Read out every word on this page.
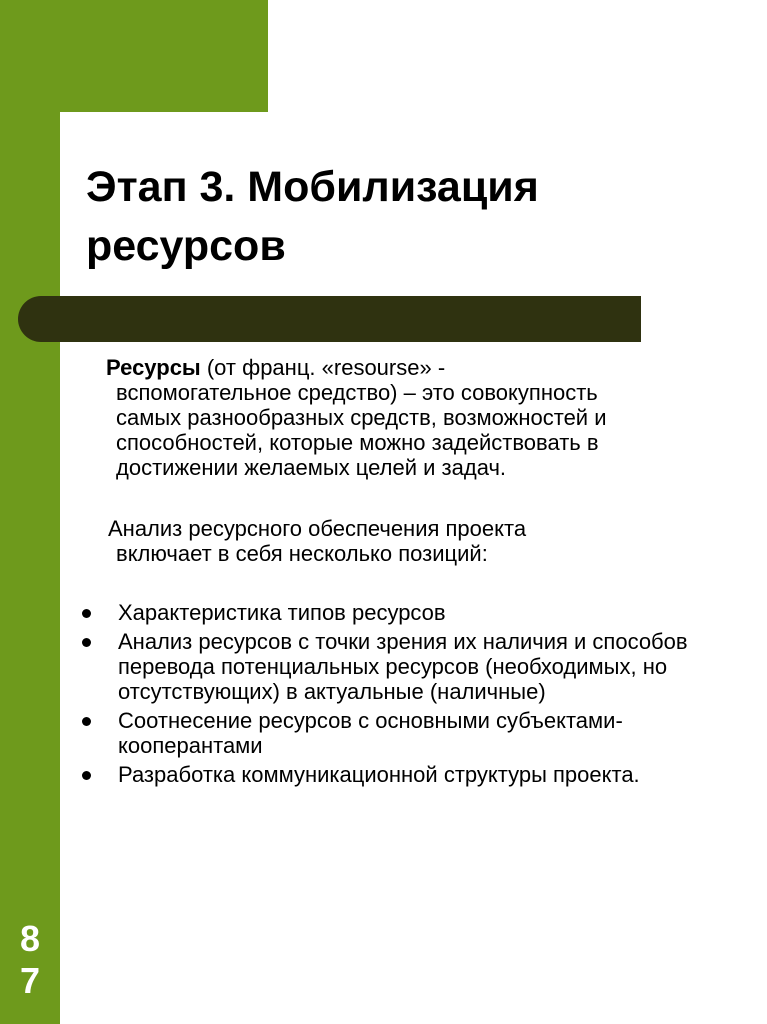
Этап 3. Мобилизация
ресурсов

Ресурсы (от франц. «resourse» -
вспомогательное средство) – это совокупность
самых разнообразных средств, возможностей и
способностей, которые можно задействовать в
достижении желаемых целей и задач.

Анализ ресурсного обеспечения проекта
включает в себя несколько позиций:

Характеристика типов ресурсов
Анализ ресурсов с точки зрения их наличия и способов перевода потенциальных ресурсов (необходимых, но отсутствующих) в актуальные (наличные)
Соотнесение ресурсов с основными субъектами-кооперантами
Разработка коммуникационной структуры проекта.
8
7
